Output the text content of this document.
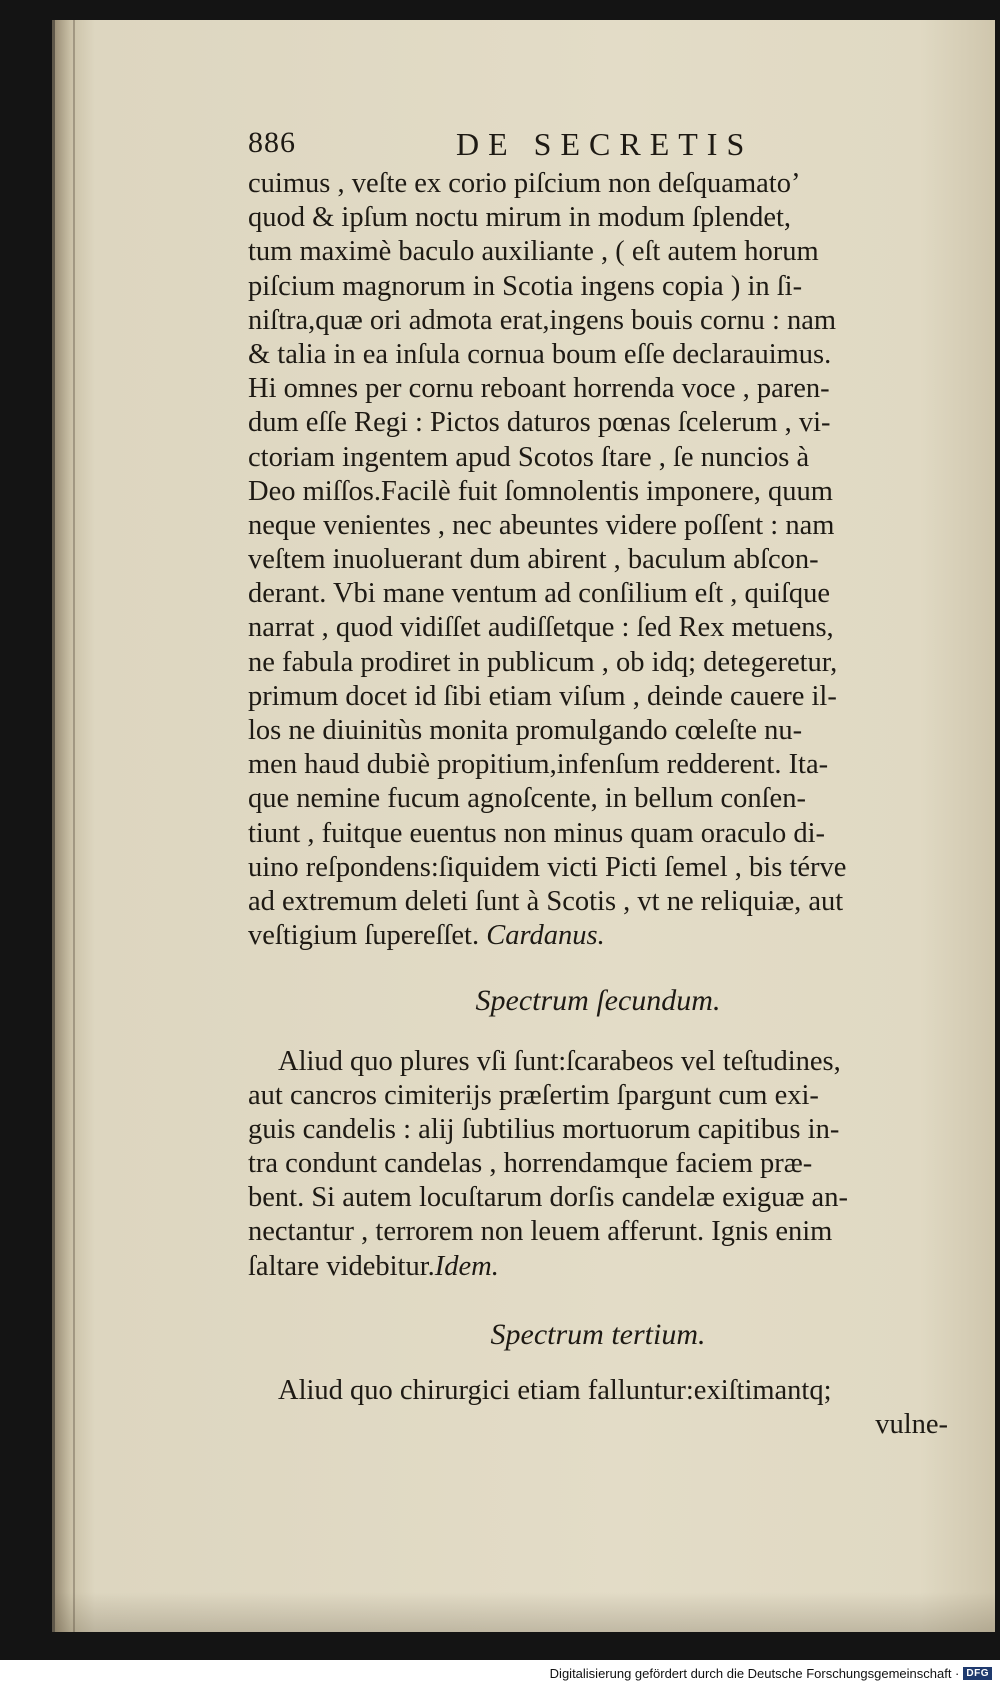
886	DE SECRETIS
cuimus , veſte ex corio piſcium non deſquamato’
quod & ipſum noctu mirum in modum ſplendet,
tum maximè baculo auxiliante , ( eſt autem horum
piſcium magnorum in Scotia ingens copia ) in ſi-
niſtra,quæ ori admota erat,ingens bouis cornu : nam
& talia in ea inſula cornua boum eſſe declarauimus.
Hi omnes per cornu reboant horrenda voce , paren-
dum eſſe Regi : Pictos daturos pœnas ſcelerum , vi-
ctoriam ingentem apud Scotos ſtare , ſe nuncios à
Deo miſſos.Facilè fuit ſomnolentis imponere, quum
neque venientes , nec abeuntes videre poſſent : nam
veſtem inuoluerant dum abirent , baculum abſcon-
derant. Vbi mane ventum ad conſilium eſt , quiſque
narrat , quod vidiſſet audiſſetque : ſed Rex metuens,
ne fabula prodiret in publicum , ob idq; detegeretur,
primum docet id ſibi etiam viſum , deinde cauere il-
los ne diuinitùs monita promulgando cœleſte nu-
men haud dubiè propitium,infenſum redderent. Ita-
que nemine fucum agnoſcente, in bellum conſen-
tiunt , fuitque euentus non minus quam oraculo di-
uino reſpondens:ſiquidem victi Picti ſemel , bis térve
ad extremum deleti ſunt à Scotis , vt ne reliquiæ, aut
veſtigium ſupereſſet. Cardanus.
Spectrum ſecundum.
Aliud quo plures vſi ſunt:ſcarabeos vel teſtudines,
aut cancros cimiterijs præſertim ſpargunt cum exi-
guis candelis : alij ſubtilius mortuorum capitibus in-
tra condunt candelas , horrendamque faciem præ-
bent. Si autem locuſtarum dorſis candelæ exiguæ an-
nectantur , terrorem non leuem afferunt. Ignis enim
ſaltare videbitur.Idem.
Spectrum tertium.
Aliud quo chirurgici etiam falluntur:exiſtimantq;
vulne-
Digitalisierung gefördert durch die Deutsche Forschungsgemeinschaft · DFG
